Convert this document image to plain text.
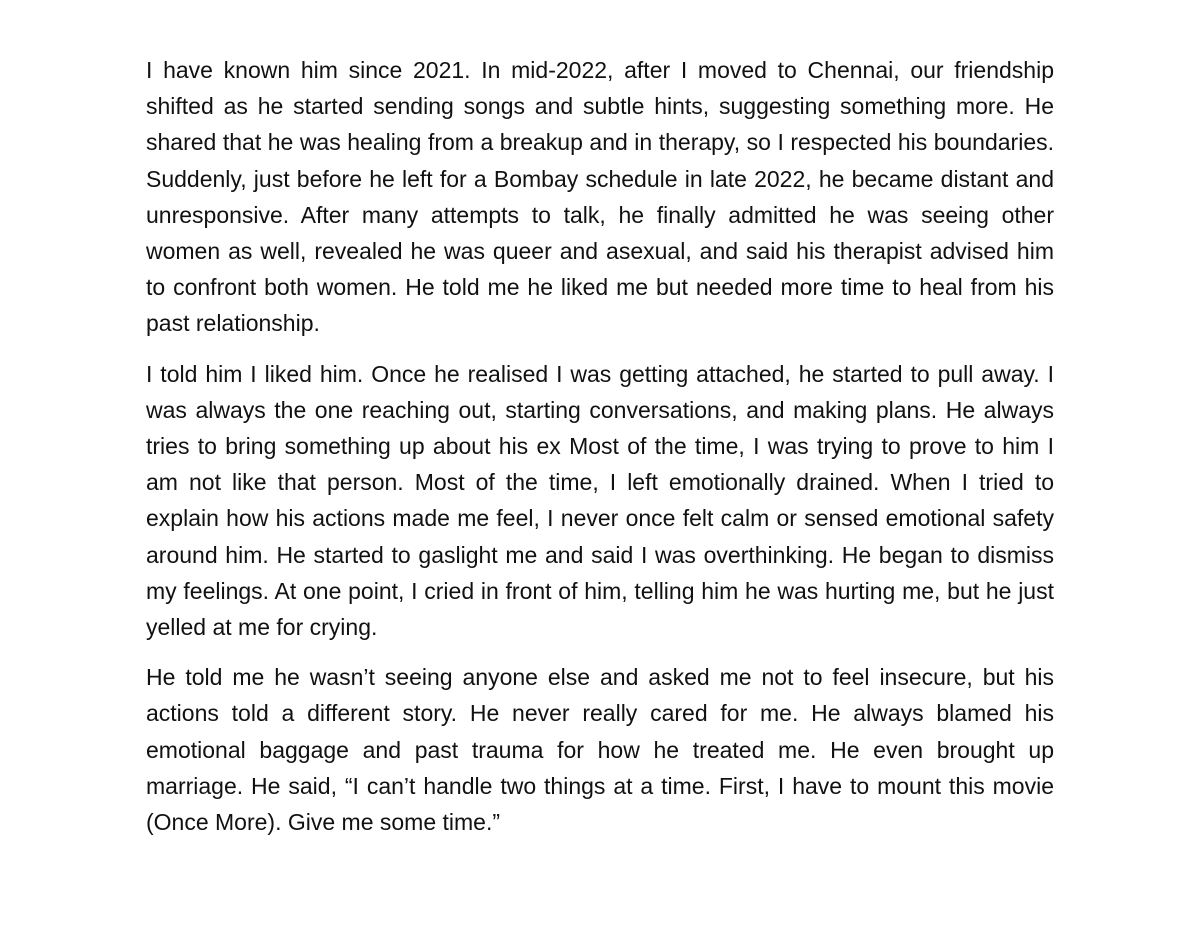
I have known him since 2021. In mid-2022, after I moved to Chennai, our friendship shifted as he started sending songs and subtle hints, suggesting something more. He shared that he was healing from a breakup and in therapy, so I respected his boundaries. Suddenly, just before he left for a Bombay schedule in late 2022, he became distant and unresponsive. After many attempts to talk, he finally admitted he was seeing other women as well, revealed he was queer and asexual, and said his therapist advised him to confront both women. He told me he liked me but needed more time to heal from his past relationship.

I told him I liked him. Once he realised I was getting attached, he started to pull away. I was always the one reaching out, starting conversations, and making plans. He always tries to bring something up about his ex Most of the time, I was trying to prove to him I am not like that person. Most of the time, I left emotionally drained. When I tried to explain how his actions made me feel, I never once felt calm or sensed emotional safety around him. He started to gaslight me and said I was overthinking. He began to dismiss my feelings. At one point, I cried in front of him, telling him he was hurting me, but he just yelled at me for crying.

He told me he wasn’t seeing anyone else and asked me not to feel insecure, but his actions told a different story. He never really cared for me. He always blamed his emotional baggage and past trauma for how he treated me. He even brought up marriage. He said, “I can’t handle two things at a time. First, I have to mount this movie (Once More). Give me some time.”
